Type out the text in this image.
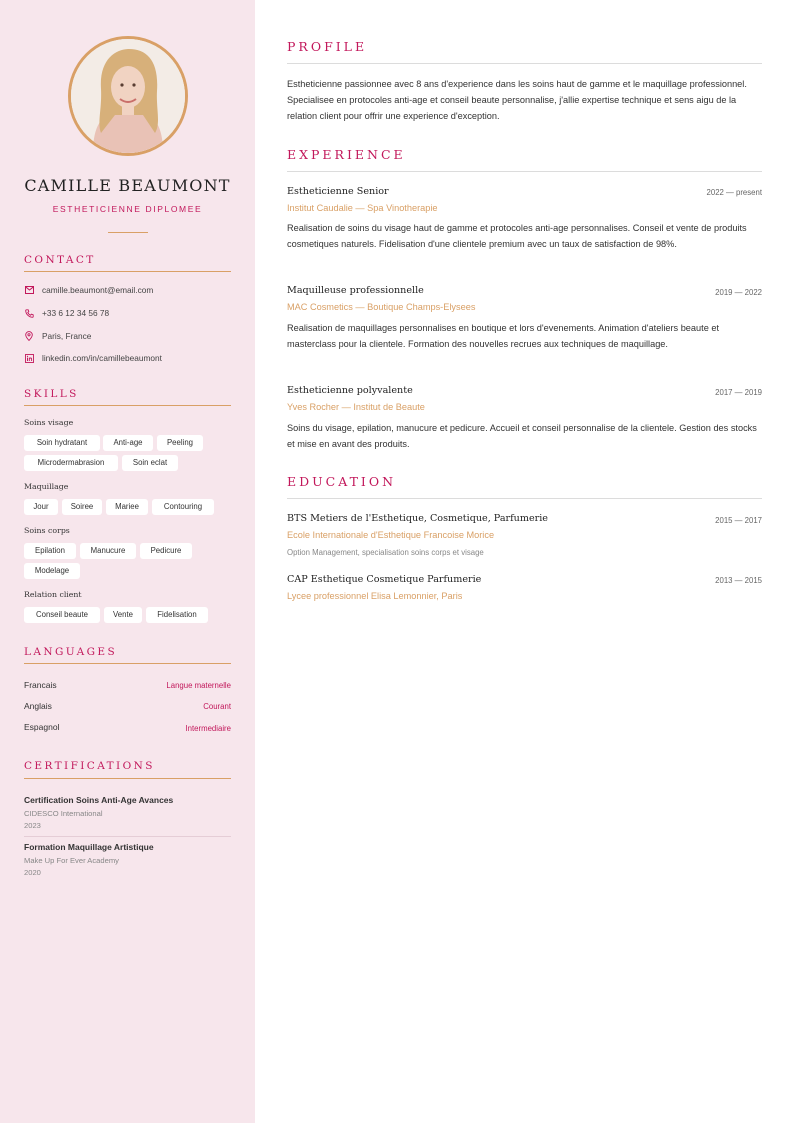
CAMILLE BEAUMONT
ESTHETICIENNE DIPLOMEE
CONTACT
camille.beaumont@email.com
+33 6 12 34 56 78
Paris, France
linkedin.com/in/camillebeaumont
SKILLS
Soins visage
Soin hydratant	Anti-age	Peeling
Microdermabrasion	Soin eclat
Maquillage
Jour	Soiree	Mariee	Contouring
Soins corps
Epilation	Manucure	Pedicure
Modelage
Relation client
Conseil beaute	Vente	Fidelisation
LANGUAGES
Francais	Langue maternelle
Anglais	Courant
Espagnol	Intermediaire
CERTIFICATIONS
Certification Soins Anti-Age Avances
CIDESCO International
2023
Formation Maquillage Artistique
Make Up For Ever Academy
2020
PROFILE
Estheticienne passionnee avec 8 ans d'experience dans les soins haut de gamme et le maquillage professionnel. Specialisee en protocoles anti-age et conseil beaute personnalise, j'allie expertise technique et sens aigu de la relation client pour offrir une experience d'exception.
EXPERIENCE
Estheticienne Senior	2022 — present
Institut Caudalie — Spa Vinotherapie
Realisation de soins du visage haut de gamme et protocoles anti-age personnalises. Conseil et vente de produits cosmetiques naturels. Fidelisation d'une clientele premium avec un taux de satisfaction de 98%.
Maquilleuse professionnelle	2019 — 2022
MAC Cosmetics — Boutique Champs-Elysees
Realisation de maquillages personnalises en boutique et lors d'evenements. Animation d'ateliers beaute et masterclass pour la clientele. Formation des nouvelles recrues aux techniques de maquillage.
Estheticienne polyvalente	2017 — 2019
Yves Rocher — Institut de Beaute
Soins du visage, epilation, manucure et pedicure. Accueil et conseil personnalise de la clientele. Gestion des stocks et mise en avant des produits.
EDUCATION
BTS Metiers de l'Esthetique, Cosmetique, Parfumerie	2015 — 2017
Ecole Internationale d'Esthetique Francoise Morice
Option Management, specialisation soins corps et visage
CAP Esthetique Cosmetique Parfumerie	2013 — 2015
Lycee professionnel Elisa Lemonnier, Paris
